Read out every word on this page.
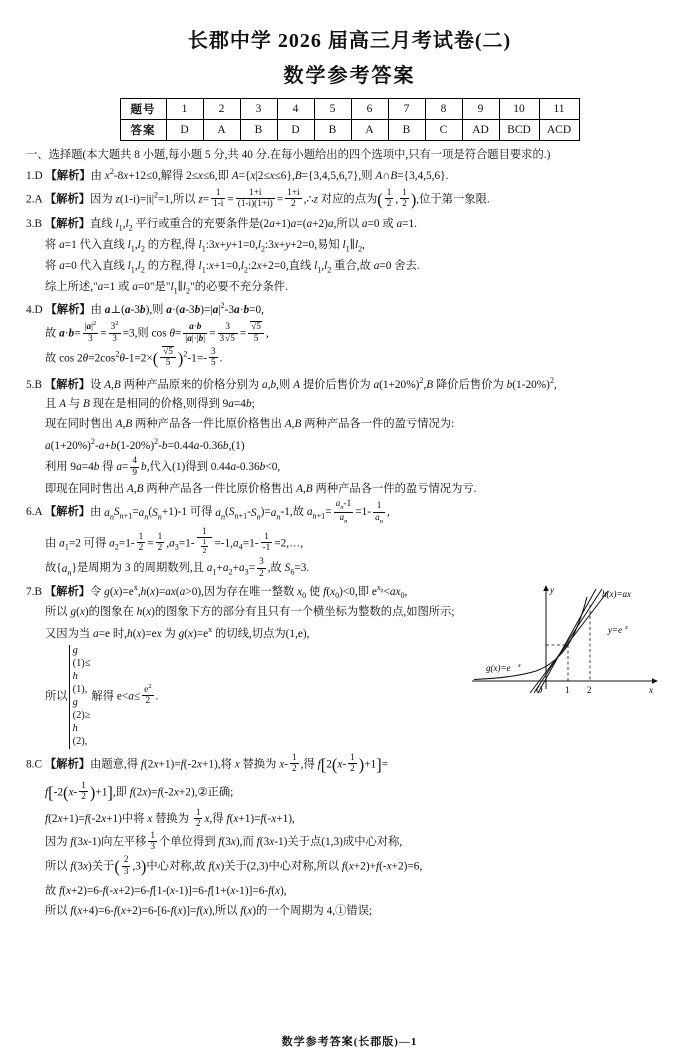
长郡中学 2026 届高三月考试卷(二)
数学参考答案
题号	1	2	3	4	5	6	7	8	9	10	11
答案	D	A	B	D	B	A	B	C	AD	BCD	ACD
一、选择题(本大题共 8 小题,每小题 5 分,共 40 分.在每小题给出的四个选项中,只有一项是符合题目要求的.)
1.D 【解析】由 $x^2-8x+12\le 0$,解得 2≤x≤6,即 A={x|2≤x≤6},B={3,4,5,6,7},则 A∩B={3,4,5,6}.
2.A 【解析】因为 $z(1-i)=|i|^2=1$,所以 $z= \frac{1}{1-i} = \frac{1+i}{(1-i)(1+i)} = \frac{1+i}{2}$ ,∴z 对应的点为( $\frac{1}{2}$ , $\frac{1}{2}$ ),位于第一象限.
3.B 【解析】直线 $l_1,l_2$ 平行或重合的充要条件是(2a+1)a=(a+2)a,所以 a=0 或 a=1.
将 a=1 代入直线 $l_1,l_2$ 的方程,得 $l_1:3x+y+1=0,l_2:3x+y+2=0$,易知 $l_1\parallel l_2$,
将 a=0 代入直线 $l_1,l_2$ 的方程,得 $l_1:x+1=0,l_2:2x+2=0$,直线 $l_1,l_2$ 重合,故 a=0 舍去.
综上所述,"a=1 或 a=0"是"$l_1\parallel l_2$"的必要不充分条件.
4.D 【解析】由 a⊥(a-3b),则 $a\cdot(a-3b)=|a|^2-3a\cdot b=0$,
故 $a\cdot b= \frac{|a|^2}{3} = \frac{3^2}{3} =3$,则 $\cos \theta= \frac{a\cdot b}{|a|\cdot|b|} = \frac{3}{3√5} = \frac{√5}{5}$ ,
故 $\cos 2\theta=2\cos^2\theta-1=2\times( \frac{√5}{5} )^2-1=- \frac{3}{5}$ .
5.B 【解析】设 A,B 两种产品原来的价格分别为 a,b,则 A 提价后售价为 $a(1+20\%)^2,B$ 降价后售价为 $b(1-20\%)^2$,
且 A 与 B 现在是相同的价格,则得到 9a=4b;
现在同时售出 A,B 两种产品各一件比原价格售出 A,B 两种产品各一件的盈亏情况为:
$a(1+20\%)^2-a+b(1-20\%)^2-b=0.44a-0.36b,(1)$
利用 9a=4b 得 $a= \frac{4}{9} b$,代入(1)得到 0.44a-0.36b<0,
即现在同时售出 A,B 两种产品各一件比原价格售出 A,B 两种产品各一件的盈亏情况为亏.
6.A 【解析】由 $a_nS_{n+1}=a_n(S_n+1)-1$ 可得 $a_n(S_{n+1}-S_n)=a_n-1$,故 $a_{n+1}= \frac{a_n-1}{a_n} =1- \frac{1}{a_n}$ ,
由 $a_1=2$ 可得 $a_2=1- \frac{1}{2} = \frac{1}{2} ,a_3=1- \frac{1}{\frac{1}{2}} =-1,a_4=1- \frac{1}{-1}$ =2,…,
故$\{a_n\}$是周期为 3 的周期数列,且 $a_1+a_2+a_3= \frac{3}{2}$ ,故 $S_6=3$.
h(x)=ax
y=e x
g(x)=e x
O	1 2	x
y
7.B 【解析】令 $g(x)=e^x,h(x)=ax(a>0)$,因为存在唯一整数 $x_0$ 使 $f(x_0)<0$,即 $e^{x_0}<ax_0$,
所以 g(x)的图象在 h(x)的图象下方的部分有且只有一个横坐标为整数的点,如图所示;
又因为当 a=e 时,h(x)=ex 为 $g(x)=e^x$ 的切线,切点为(1,e),
所以
g
(1)≤
h
(1),
g
(2)≥
h
(2),
解得 $e<a\le \frac{e^2}{2}$ .
8.C 【解析】由题意,得 f(2x+1)=f(-2x+1),将 x 替换为 $x- \frac{1}{2}$ ,得 $f[2(x- \frac{1}{2} )+1]=$
$f[-2(x- \frac{1}{2} )+1]$,即 f(2x)=f(-2x+2),②正确;
f(2x+1)=f(-2x+1)中将 x 替换为 $\frac{1}{2} x$,得 f(x+1)=f(-x+1),
因为 f(3x-1)向左平移 $\frac{1}{3}$ 个单位得到 f(3x),而 f(3x-1)关于点(1,3)成中心对称,
所以 f(3x)关于( $\frac{2}{3} ,3$)中心对称,故 f(x)关于(2,3)中心对称,所以 f(x+2)+f(-x+2)=6,
故 f(x+2)=6-f(-x+2)=6-f[1-(x-1)]=6-f[1+(x-1)]=6-f(x),
所以 f(x+4)=6-f(x+2)=6-[6-f(x)]=f(x),所以 f(x)的一个周期为 4,①错误;
数学参考答案(长郡版)—1
